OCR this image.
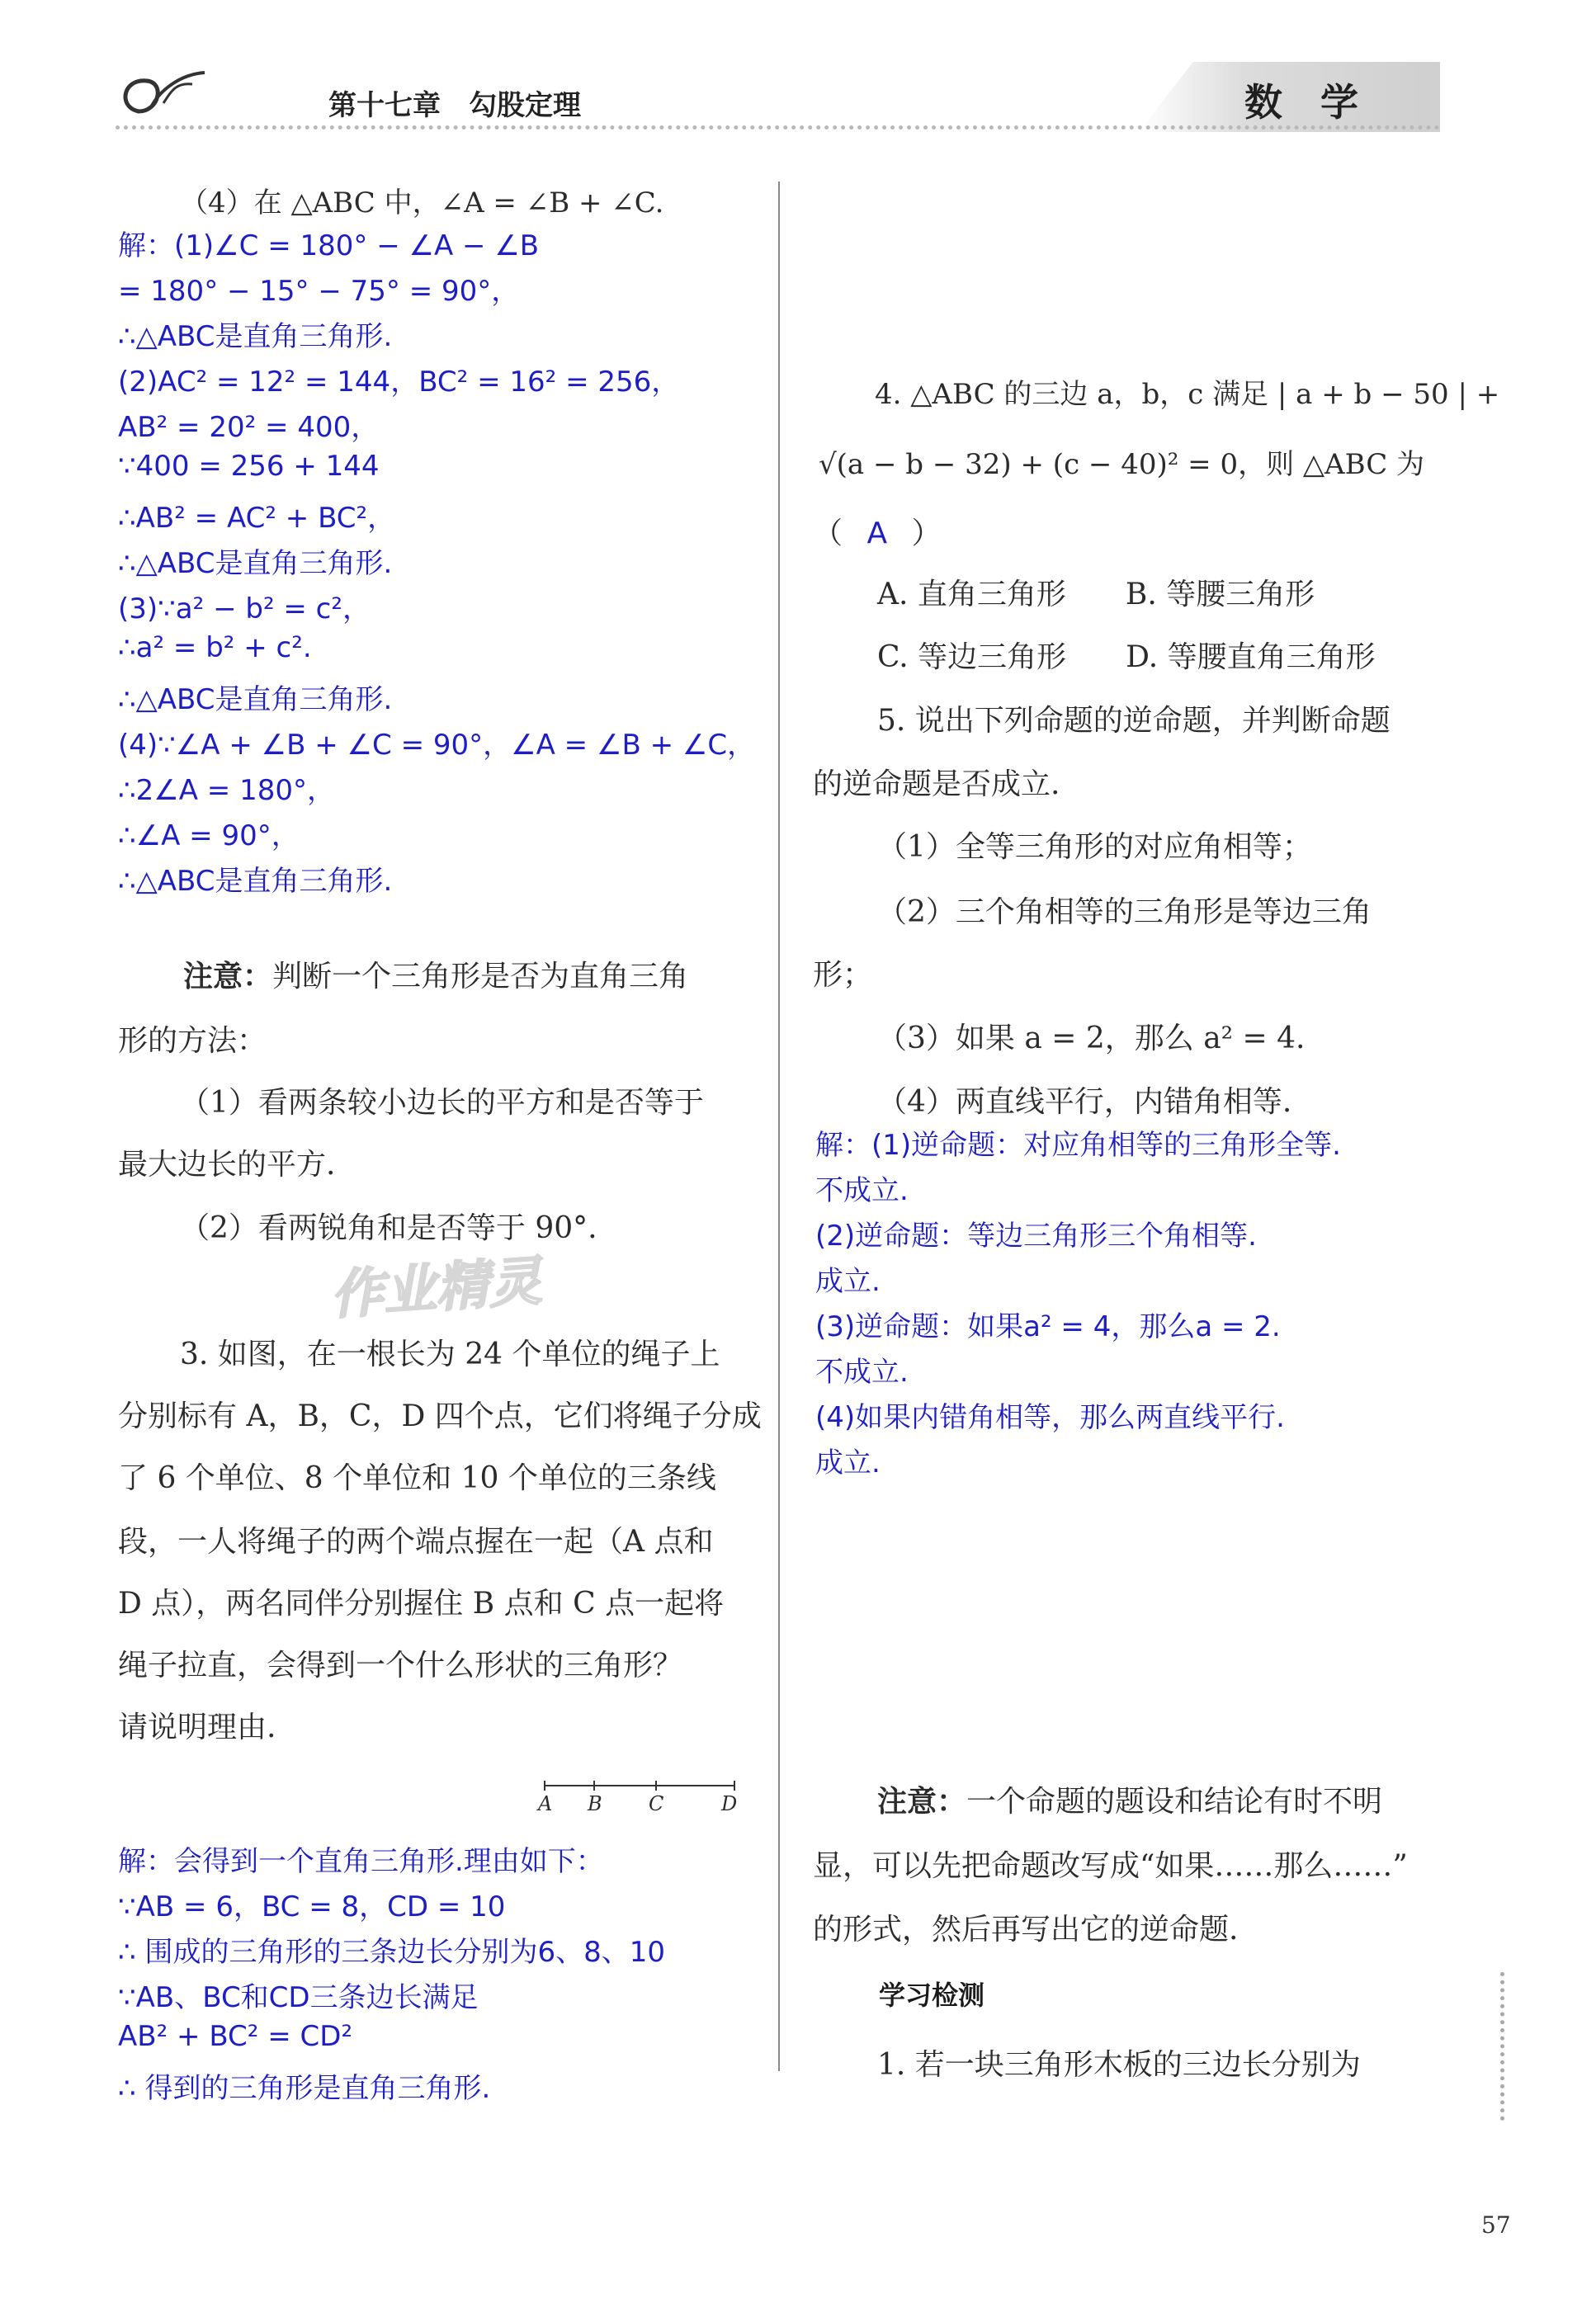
第十七章　勾股定理	数　学
（4）在 △ABC 中，∠A = ∠B + ∠C.
解：(1)∠C = 180° − ∠A − ∠B
= 180° − 15° − 75° = 90°，
∴△ABC是直角三角形.
(2)AC² = 12² = 144，BC² = 16² = 256，
AB² = 20² = 400，
∵400 = 256 + 144
∴AB² = AC² + BC²，
∴△ABC是直角三角形.
(3)∵a² − b² = c²，
∴a² = b² + c².
∴△ABC是直角三角形.
(4)∵∠A + ∠B + ∠C = 90°，∠A = ∠B + ∠C，
∴2∠A = 180°，
∴∠A = 90°，
∴△ABC是直角三角形.
注意：判断一个三角形是否为直角三角
形的方法：
（1）看两条较小边长的平方和是否等于
最大边长的平方.
（2）看两锐角和是否等于 90°.
作业精灵
3. 如图，在一根长为 24 个单位的绳子上
分别标有 A，B，C，D 四个点，它们将绳子分成
了 6 个单位、8 个单位和 10 个单位的三条线
段，一人将绳子的两个端点握在一起（A 点和
D 点），两名同伴分别握住 B 点和 C 点一起将
绳子拉直，会得到一个什么形状的三角形？
请说明理由.
A B C	D
解：会得到一个直角三角形.理由如下：
∵AB = 6，BC = 8，CD = 10
∴ 围成的三角形的三条边长分别为6、8、10
∵AB、BC和CD三条边长满足
AB² + BC² = CD²
∴ 得到的三角形是直角三角形.
4. △ABC 的三边 a，b，c 满足 | a + b − 50 | +
√(a − b − 32) + (c − 40)² = 0，则 △ABC 为
（ A ）
A. 直角三角形　　B. 等腰三角形
C. 等边三角形　　D. 等腰直角三角形
5. 说出下列命题的逆命题，并判断命题
的逆命题是否成立.
（1）全等三角形的对应角相等；
（2）三个角相等的三角形是等边三角
形；
（3）如果 a = 2，那么 a² = 4.
（4）两直线平行，内错角相等.
解：(1)逆命题：对应角相等的三角形全等.
不成立.
(2)逆命题：等边三角形三个角相等.
成立.
(3)逆命题：如果a² = 4，那么a = 2.
不成立.
(4)如果内错角相等，那么两直线平行.
成立.
注意：一个命题的题设和结论有时不明
显，可以先把命题改写成“如果……那么……”
的形式，然后再写出它的逆命题.
学习检测
1. 若一块三角形木板的三边长分别为
57
